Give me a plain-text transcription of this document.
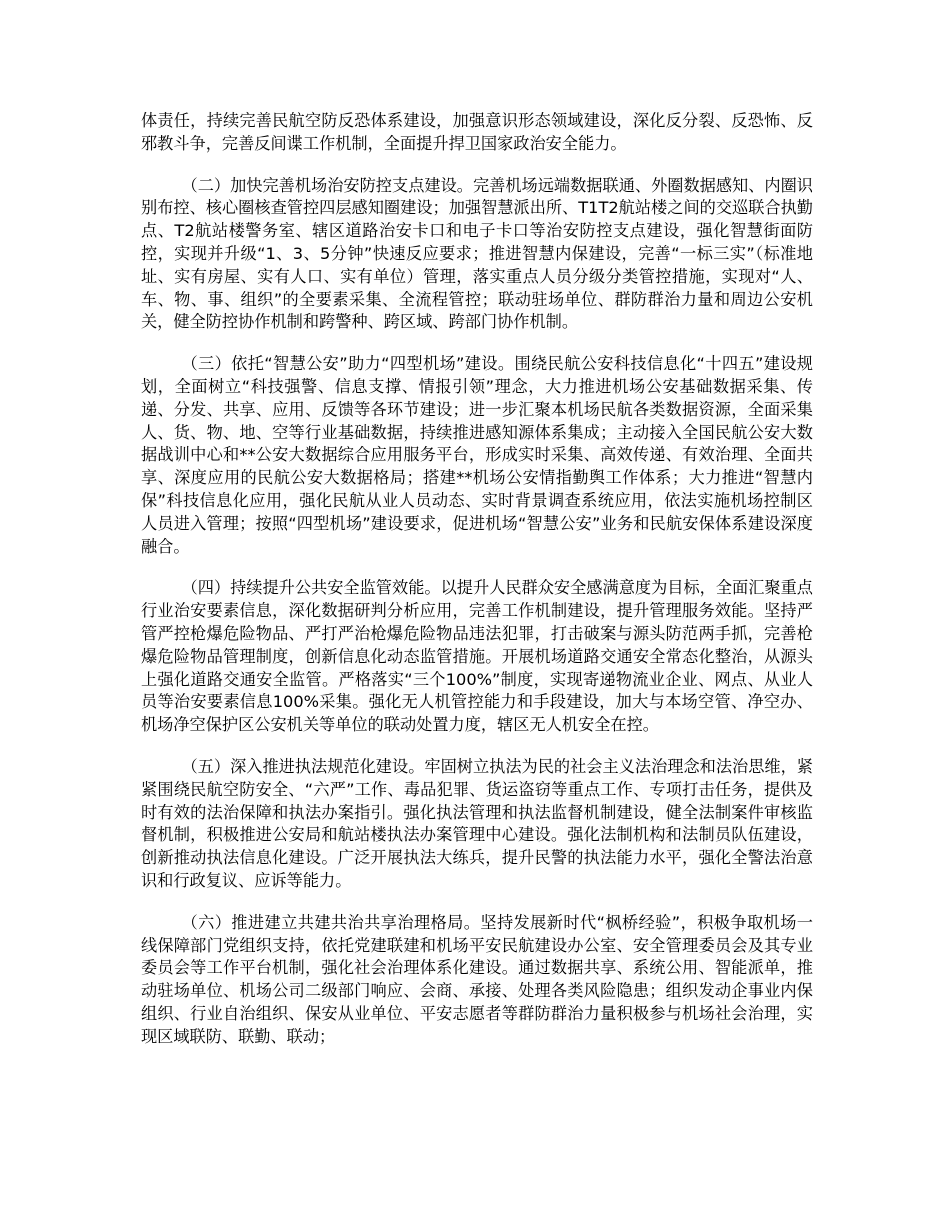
体责任，持续完善民航空防反恐体系建设，加强意识形态领域建设，深化反分裂、反恐怖、反邪教斗争，完善反间谍工作机制，全面提升捍卫国家政治安全能力。

（二）加快完善机场治安防控支点建设。完善机场远端数据联通、外圈数据感知、内圈识别布控、核心圈核查管控四层感知圈建设；加强智慧派出所、T1T2航站楼之间的交巡联合执勤点、T2航站楼警务室、辖区道路治安卡口和电子卡口等治安防控支点建设，强化智慧街面防控，实现并升级“1、3、5分钟”快速反应要求；推进智慧内保建设，完善“一标三实”（标准地址、实有房屋、实有人口、实有单位）管理，落实重点人员分级分类管控措施，实现对“人、车、物、事、组织”的全要素采集、全流程管控；联动驻场单位、群防群治力量和周边公安机关，健全防控协作机制和跨警种、跨区域、跨部门协作机制。

（三）依托“智慧公安”助力“四型机场”建设。围绕民航公安科技信息化“十四五”建设规划，全面树立“科技强警、信息支撑、情报引领”理念，大力推进机场公安基础数据采集、传递、分发、共享、应用、反馈等各环节建设；进一步汇聚本机场民航各类数据资源，全面采集人、货、物、地、空等行业基础数据，持续推进感知源体系集成；主动接入全国民航公安大数据战训中心和**公安大数据综合应用服务平台，形成实时采集、高效传递、有效治理、全面共享、深度应用的民航公安大数据格局；搭建**机场公安情指勤舆工作体系；大力推进“智慧内保”科技信息化应用，强化民航从业人员动态、实时背景调查系统应用，依法实施机场控制区人员进入管理；按照“四型机场”建设要求，促进机场“智慧公安”业务和民航安保体系建设深度融合。

（四）持续提升公共安全监管效能。以提升人民群众安全感满意度为目标，全面汇聚重点行业治安要素信息，深化数据研判分析应用，完善工作机制建设，提升管理服务效能。坚持严管严控枪爆危险物品、严打严治枪爆危险物品违法犯罪，打击破案与源头防范两手抓，完善枪爆危险物品管理制度，创新信息化动态监管措施。开展机场道路交通安全常态化整治，从源头上强化道路交通安全监管。严格落实“三个100%”制度，实现寄递物流业企业、网点、从业人员等治安要素信息100%采集。强化无人机管控能力和手段建设，加大与本场空管、净空办、机场净空保护区公安机关等单位的联动处置力度，辖区无人机安全在控。

（五）深入推进执法规范化建设。牢固树立执法为民的社会主义法治理念和法治思维，紧紧围绕民航空防安全、“六严”工作、毒品犯罪、货运盗窃等重点工作、专项打击任务，提供及时有效的法治保障和执法办案指引。强化执法管理和执法监督机制建设，健全法制案件审核监督机制，积极推进公安局和航站楼执法办案管理中心建设。强化法制机构和法制员队伍建设，创新推动执法信息化建设。广泛开展执法大练兵，提升民警的执法能力水平，强化全警法治意识和行政复议、应诉等能力。

（六）推进建立共建共治共享治理格局。坚持发展新时代“枫桥经验”，积极争取机场一线保障部门党组织支持，依托党建联建和机场平安民航建设办公室、安全管理委员会及其专业委员会等工作平台机制，强化社会治理体系化建设。通过数据共享、系统公用、智能派单，推动驻场单位、机场公司二级部门响应、会商、承接、处理各类风险隐患；组织发动企事业内保组织、行业自治组织、保安从业单位、平安志愿者等群防群治力量积极参与机场社会治理，实现区域联防、联勤、联动；
